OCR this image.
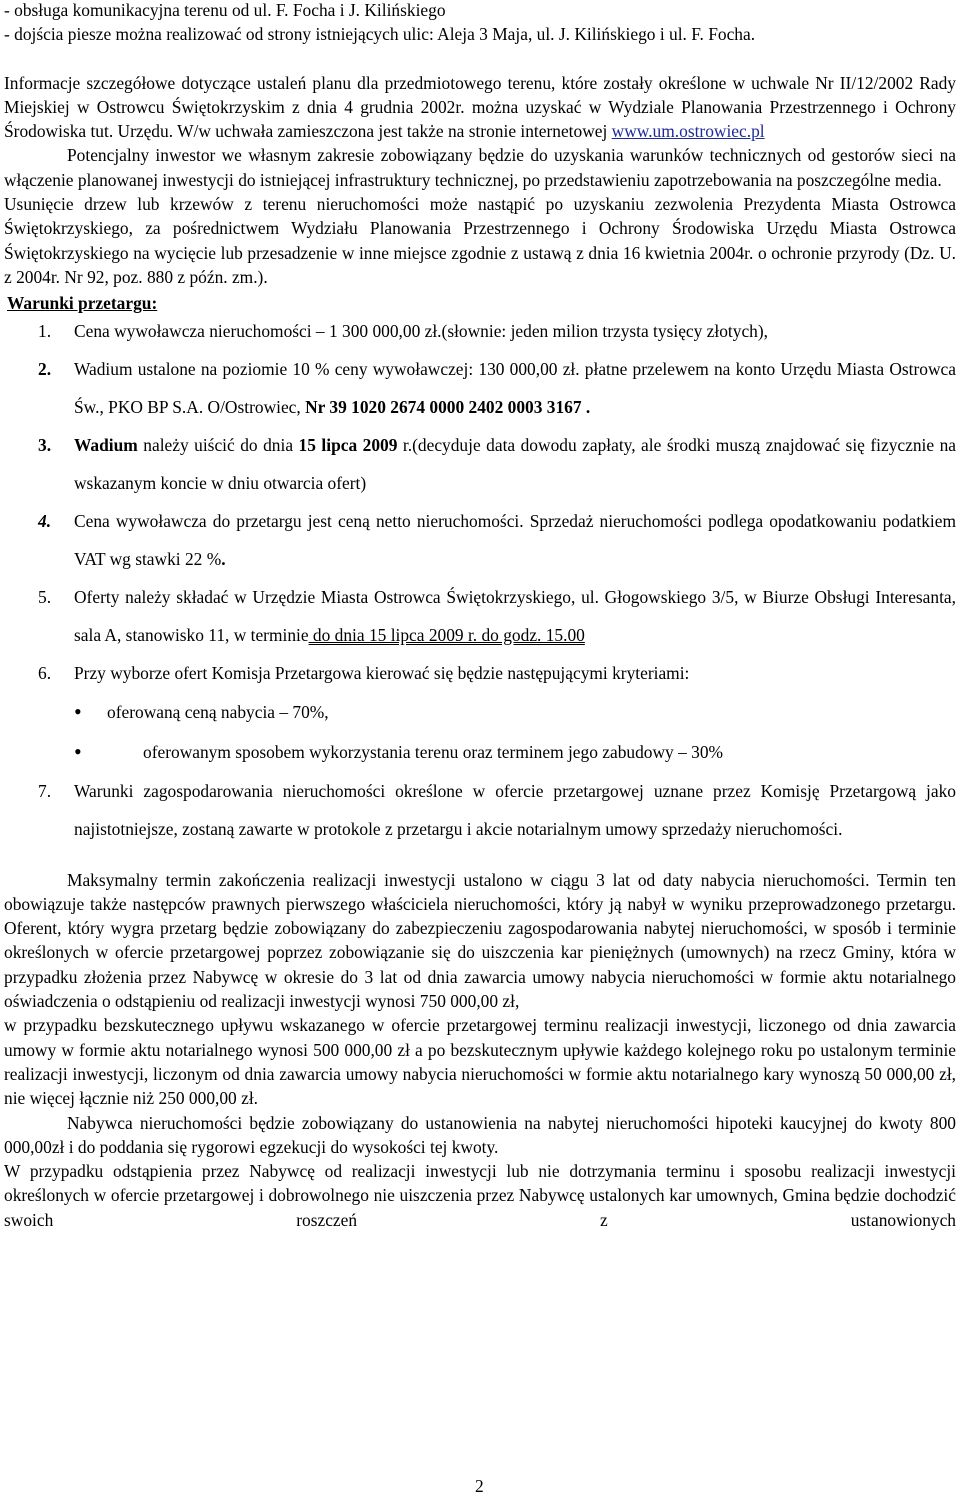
- obsługa komunikacyjna terenu od ul. F. Focha i J. Kilińskiego

- dojścia piesze można realizować od strony istniejących ulic: Aleja 3 Maja, ul. J. Kilińskiego i ul. F. Focha.

Informacje szczegółowe dotyczące ustaleń planu dla przedmiotowego terenu, które zostały określone w uchwale Nr II/12/2002 Rady Miejskiej w Ostrowcu Świętokrzyskim z dnia 4 grudnia 2002r. można uzyskać w Wydziale Planowania Przestrzennego i Ochrony Środowiska tut. Urzędu. W/w uchwała zamieszczona jest także na stronie internetowej www.um.ostrowiec.pl

Potencjalny inwestor we własnym zakresie zobowiązany będzie do uzyskania warunków technicznych od gestorów sieci na włączenie planowanej inwestycji do istniejącej infrastruktury technicznej, po przedstawieniu zapotrzebowania na poszczególne media.

Usunięcie drzew lub krzewów z terenu nieruchomości może nastąpić po uzyskaniu zezwolenia Prezydenta Miasta Ostrowca Świętokrzyskiego, za pośrednictwem Wydziału Planowania Przestrzennego i Ochrony Środowiska Urzędu Miasta Ostrowca Świętokrzyskiego na wycięcie lub przesadzenie w inne miejsce zgodnie z ustawą z dnia 16 kwietnia 2004r. o ochronie przyrody (Dz. U. z 2004r. Nr 92, poz. 880 z późn. zm.).

Warunki przetargu:

1. Cena wywoławcza nieruchomości – 1 300 000,00 zł.(słownie: jeden milion trzysta tysięcy złotych),
2. Wadium ustalone na poziomie 10 % ceny wywoławczej: 130 000,00 zł. płatne przelewem na konto Urzędu Miasta Ostrowca Św., PKO BP S.A. O/Ostrowiec, Nr 39 1020 2674 0000 2402 0003 3167 .
3. Wadium należy uiścić do dnia 15 lipca 2009 r.(decyduje data dowodu zapłaty, ale środki muszą znajdować się fizycznie na wskazanym koncie w dniu otwarcia ofert)
4. Cena wywoławcza do przetargu jest ceną netto nieruchomości. Sprzedaż nieruchomości podlega opodatkowaniu podatkiem VAT wg stawki 22 %.
5. Oferty należy składać w Urzędzie Miasta Ostrowca Świętokrzyskiego, ul. Głogowskiego 3/5, w Biurze Obsługi Interesanta, sala A, stanowisko 11, w terminie do dnia 15 lipca 2009 r. do godz. 15.00
6. Przy wyborze ofert Komisja Przetargowa kierować się będzie następującymi kryteriami:
• oferowaną ceną nabycia – 70%,
•	oferowanym sposobem wykorzystania terenu oraz terminem jego zabudowy – 30%
7. Warunki zagospodarowania nieruchomości określone w ofercie przetargowej uznane przez Komisję Przetargową jako najistotniejsze, zostaną zawarte w protokole z przetargu i akcie notarialnym umowy sprzedaży nieruchomości.

Maksymalny termin zakończenia realizacji inwestycji ustalono w ciągu 3 lat od daty nabycia nieruchomości. Termin ten obowiązuje także następców prawnych pierwszego właściciela nieruchomości, który ją nabył w wyniku przeprowadzonego przetargu. Oferent, który wygra przetarg będzie zobowiązany do zabezpieczeniu zagospodarowania nabytej nieruchomości, w sposób i terminie określonych w ofercie przetargowej poprzez zobowiązanie się do uiszczenia kar pieniężnych (umownych) na rzecz Gminy, która w przypadku złożenia przez Nabywcę w okresie do 3 lat od dnia zawarcia umowy nabycia nieruchomości w formie aktu notarialnego oświadczenia o odstąpieniu od realizacji inwestycji wynosi 750 000,00 zł,

w przypadku bezskutecznego upływu wskazanego w ofercie przetargowej terminu realizacji inwestycji, liczonego od dnia zawarcia umowy w formie aktu notarialnego wynosi 500 000,00 zł a po bezskutecznym upływie każdego kolejnego roku po ustalonym terminie realizacji inwestycji, liczonym od dnia zawarcia umowy nabycia nieruchomości w formie aktu notarialnego kary wynoszą 50 000,00 zł, nie więcej łącznie niż 250 000,00 zł.

Nabywca nieruchomości będzie zobowiązany do ustanowienia na nabytej nieruchomości hipoteki kaucyjnej do kwoty 800 000,00zł i do poddania się rygorowi egzekucji do wysokości tej kwoty.

W przypadku odstąpienia przez Nabywcę od realizacji inwestycji lub nie dotrzymania terminu i sposobu realizacji inwestycji określonych w ofercie przetargowej i dobrowolnego nie uiszczenia przez Nabywcę ustalonych kar umownych, Gmina będzie dochodzić swoich roszczeń z ustanowionych

2
